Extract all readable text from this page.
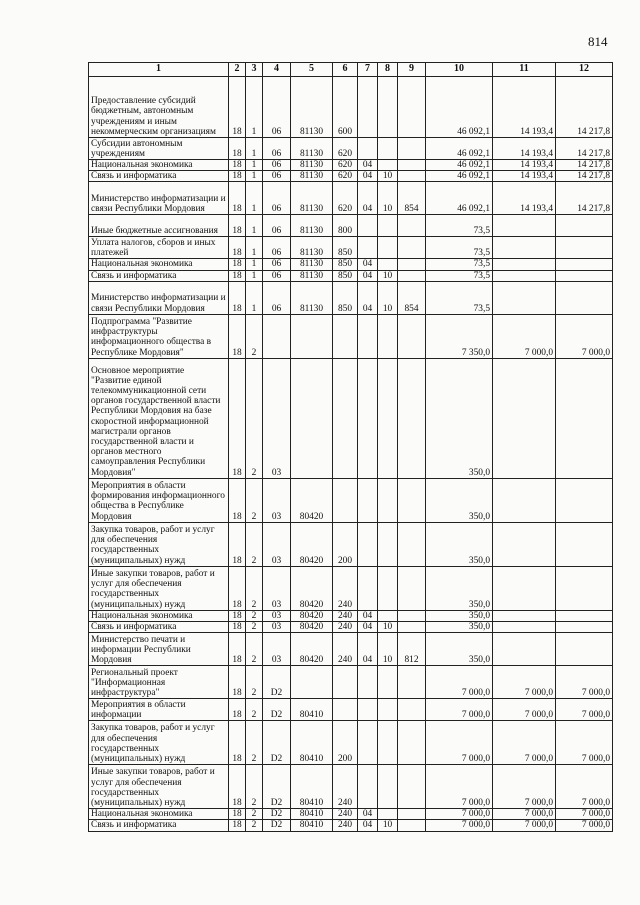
814
1	2	3	4	5	6	7	8	9	10	11	12
Предоставление субсидий бюджетным, автономным учреждениям и иным некоммерческим организациям	18	1	06	81130	600				46 092,1	14 193,4	14 217,8
Субсидии автономным учреждениям	18	1	06	81130	620				46 092,1	14 193,4	14 217,8
Национальная экономика	18	1	06	81130	620	04			46 092,1	14 193,4	14 217,8
Связь и информатика	18	1	06	81130	620	04	10		46 092,1	14 193,4	14 217,8
Министерство информатизации и связи Республики Мордовия	18	1	06	81130	620	04	10	854	46 092,1	14 193,4	14 217,8
Иные бюджетные ассигнования	18	1	06	81130	800				73,5		
Уплата налогов, сборов и иных платежей	18	1	06	81130	850				73,5		
Национальная экономика	18	1	06	81130	850	04			73,5		
Связь и информатика	18	1	06	81130	850	04	10		73,5		
Министерство информатизации и связи Республики Мордовия	18	1	06	81130	850	04	10	854	73,5		
Подпрограмма "Развитие инфраструктуры информационного общества в Республике Мордовия"	18	2							7 350,0	7 000,0	7 000,0
Основное мероприятие "Развитие единой телекоммуникационной сети органов государственной власти Республики Мордовия на базе скоростной информационной магистрали органов государственной власти и органов местного самоуправления Республики Мордовия"	18	2	03						350,0		
Мероприятия в области формирования информационного общества в Республике Мордовия	18	2	03	80420					350,0		
Закупка товаров, работ и услуг для обеспечения государственных (муниципальных) нужд	18	2	03	80420	200				350,0		
Иные закупки товаров, работ и услуг для обеспечения государственных (муниципальных) нужд	18	2	03	80420	240				350,0		
Национальная экономика	18	2	03	80420	240	04			350,0		
Связь и информатика	18	2	03	80420	240	04	10		350,0		
Министерство печати и информации Республики Мордовия	18	2	03	80420	240	04	10	812	350,0		
Региональный проект "Информационная инфраструктура"	18	2	D2						7 000,0	7 000,0	7 000,0
Мероприятия в области информации	18	2	D2	80410					7 000,0	7 000,0	7 000,0
Закупка товаров, работ и услуг для обеспечения государственных (муниципальных) нужд	18	2	D2	80410	200				7 000,0	7 000,0	7 000,0
Иные закупки товаров, работ и услуг для обеспечения государственных (муниципальных) нужд	18	2	D2	80410	240				7 000,0	7 000,0	7 000,0
Национальная экономика	18	2	D2	80410	240	04			7 000,0	7 000,0	7 000,0
Связь и информатика	18	2	D2	80410	240	04	10		7 000,0	7 000,0	7 000,0
